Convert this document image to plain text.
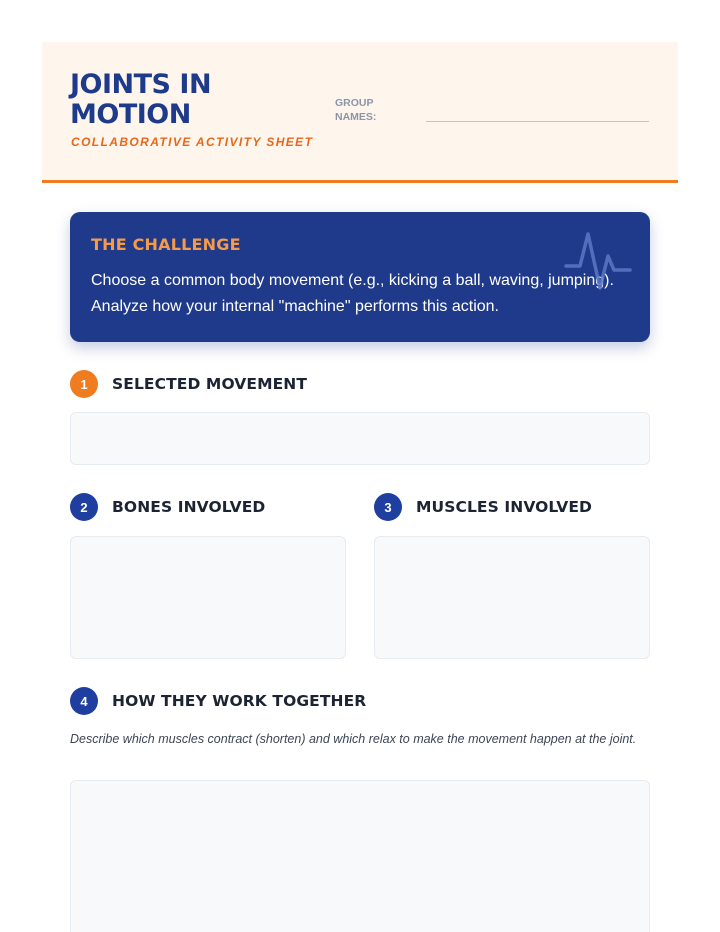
JOINTS IN MOTION
COLLABORATIVE ACTIVITY SHEET
GROUP NAMES:
THE CHALLENGE
Choose a common body movement (e.g., kicking a ball, waving, jumping). Analyze how your internal "machine" performs this action.
1	SELECTED MOVEMENT
2	BONES INVOLVED	3	MUSCLES INVOLVED
4	HOW THEY WORK TOGETHER
Describe which muscles contract (shorten) and which relax to make the movement happen at the joint.
